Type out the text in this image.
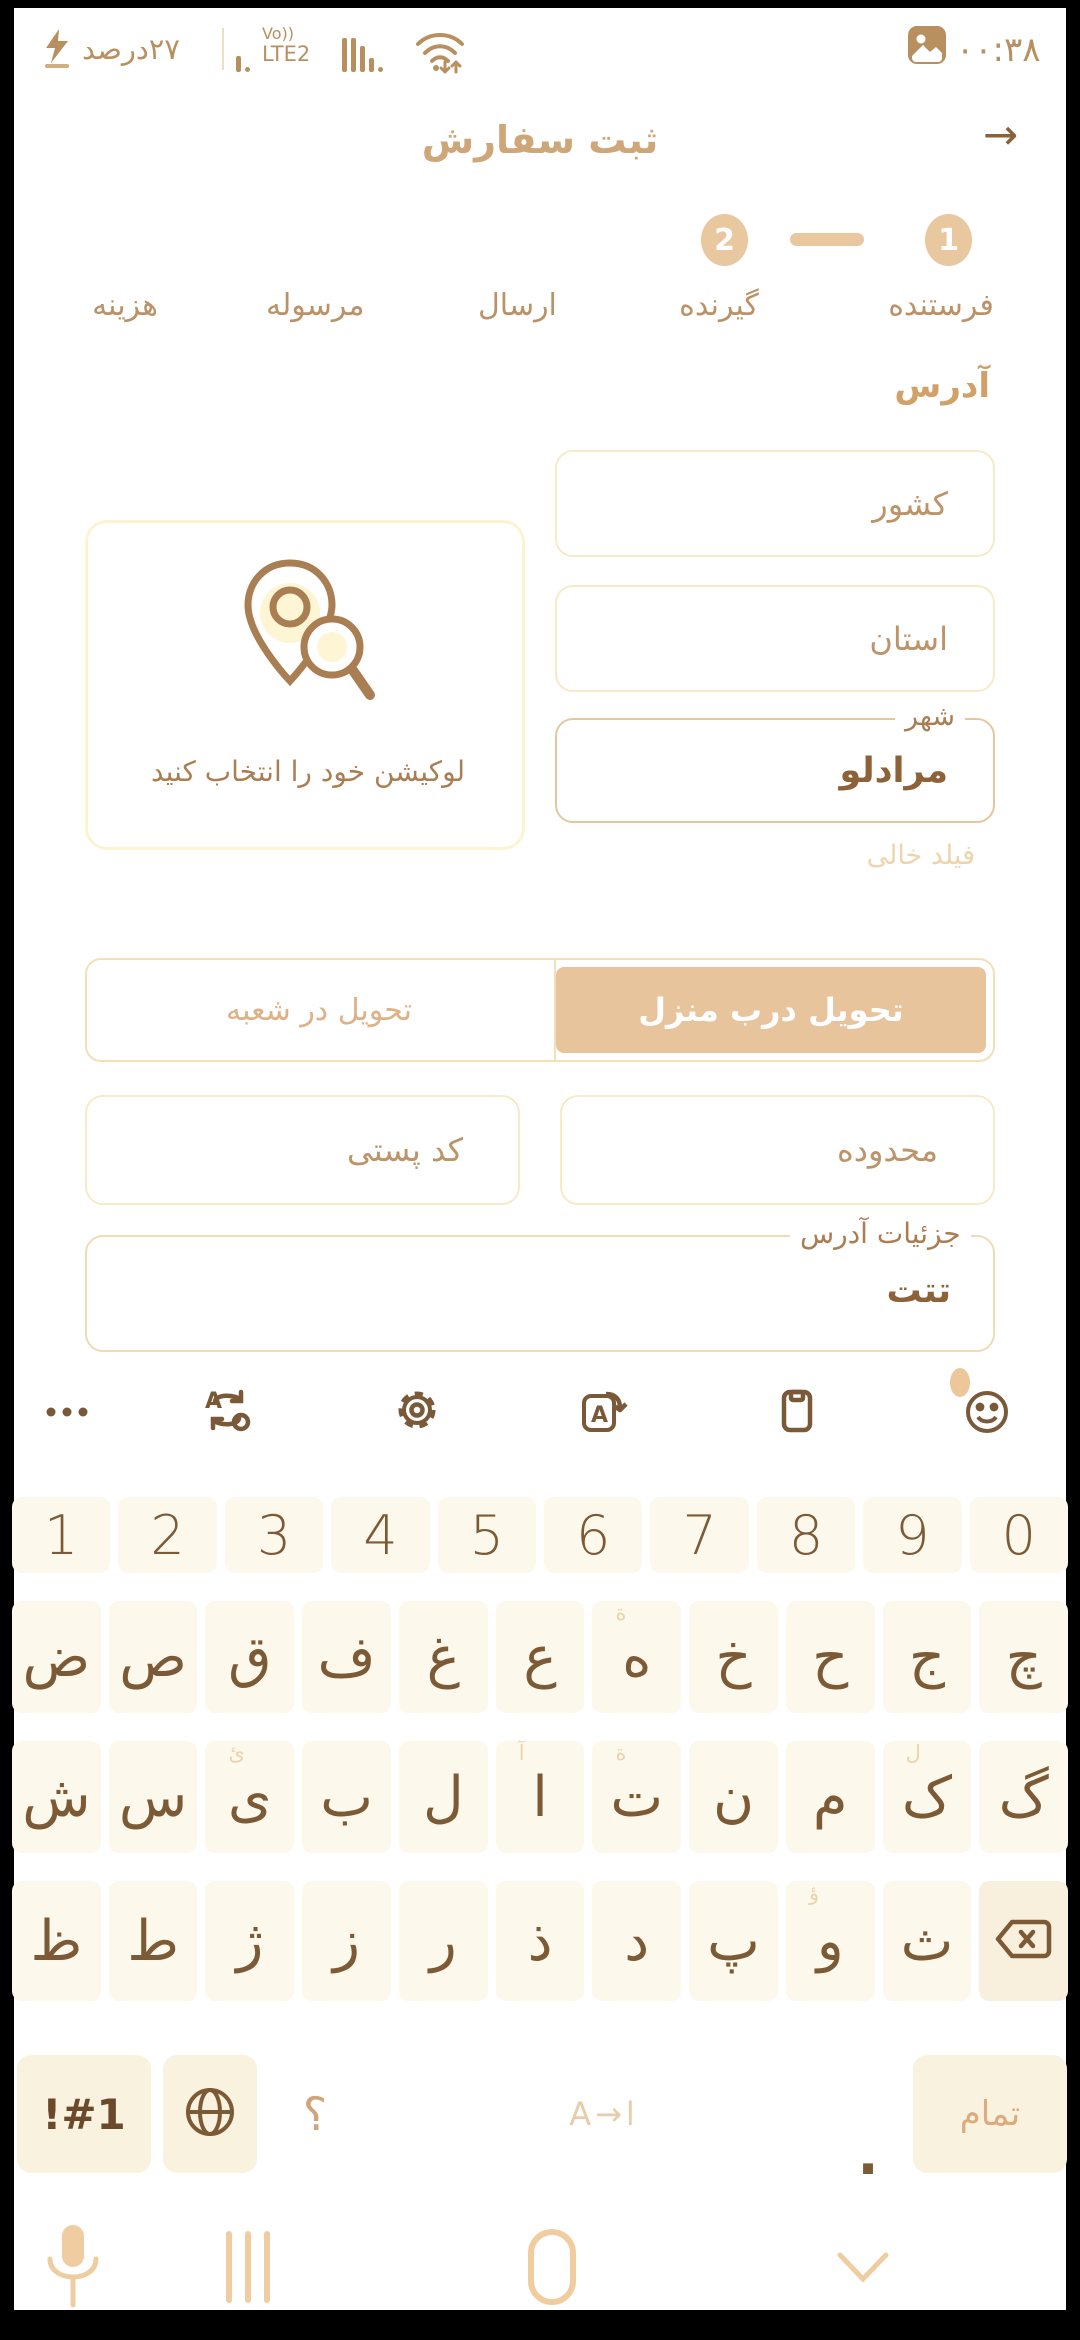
۲۷درصد	Vo))
LTE2	٠٠:٣٨
ثبت سفارش	→
2	1
فرستنده
گیرنده
ارسال
مرسوله
هزینه
آدرس
کشور
استان
مرادلو
شهر
فیلد خالی
لوکیشن خود را انتخاب کنید
تحویل درب منزل
تحویل در شعبه
کد پستی	محدوده
تتت
جزئیات آدرس
A
A
1	2	3	4	5	6	7	8	9	0
ض ص ق ف غ	ع	ه
ة
خ	ح	ج	چ
ش س ی
ئ
ب ل	ا
آ
ت
ة
ن	م ک
ل
گ
ظ ط	ژ	ز	ر	ذ	د	پ	و
ؤ
ث
!#1	؟	A→ا
.
تمام
